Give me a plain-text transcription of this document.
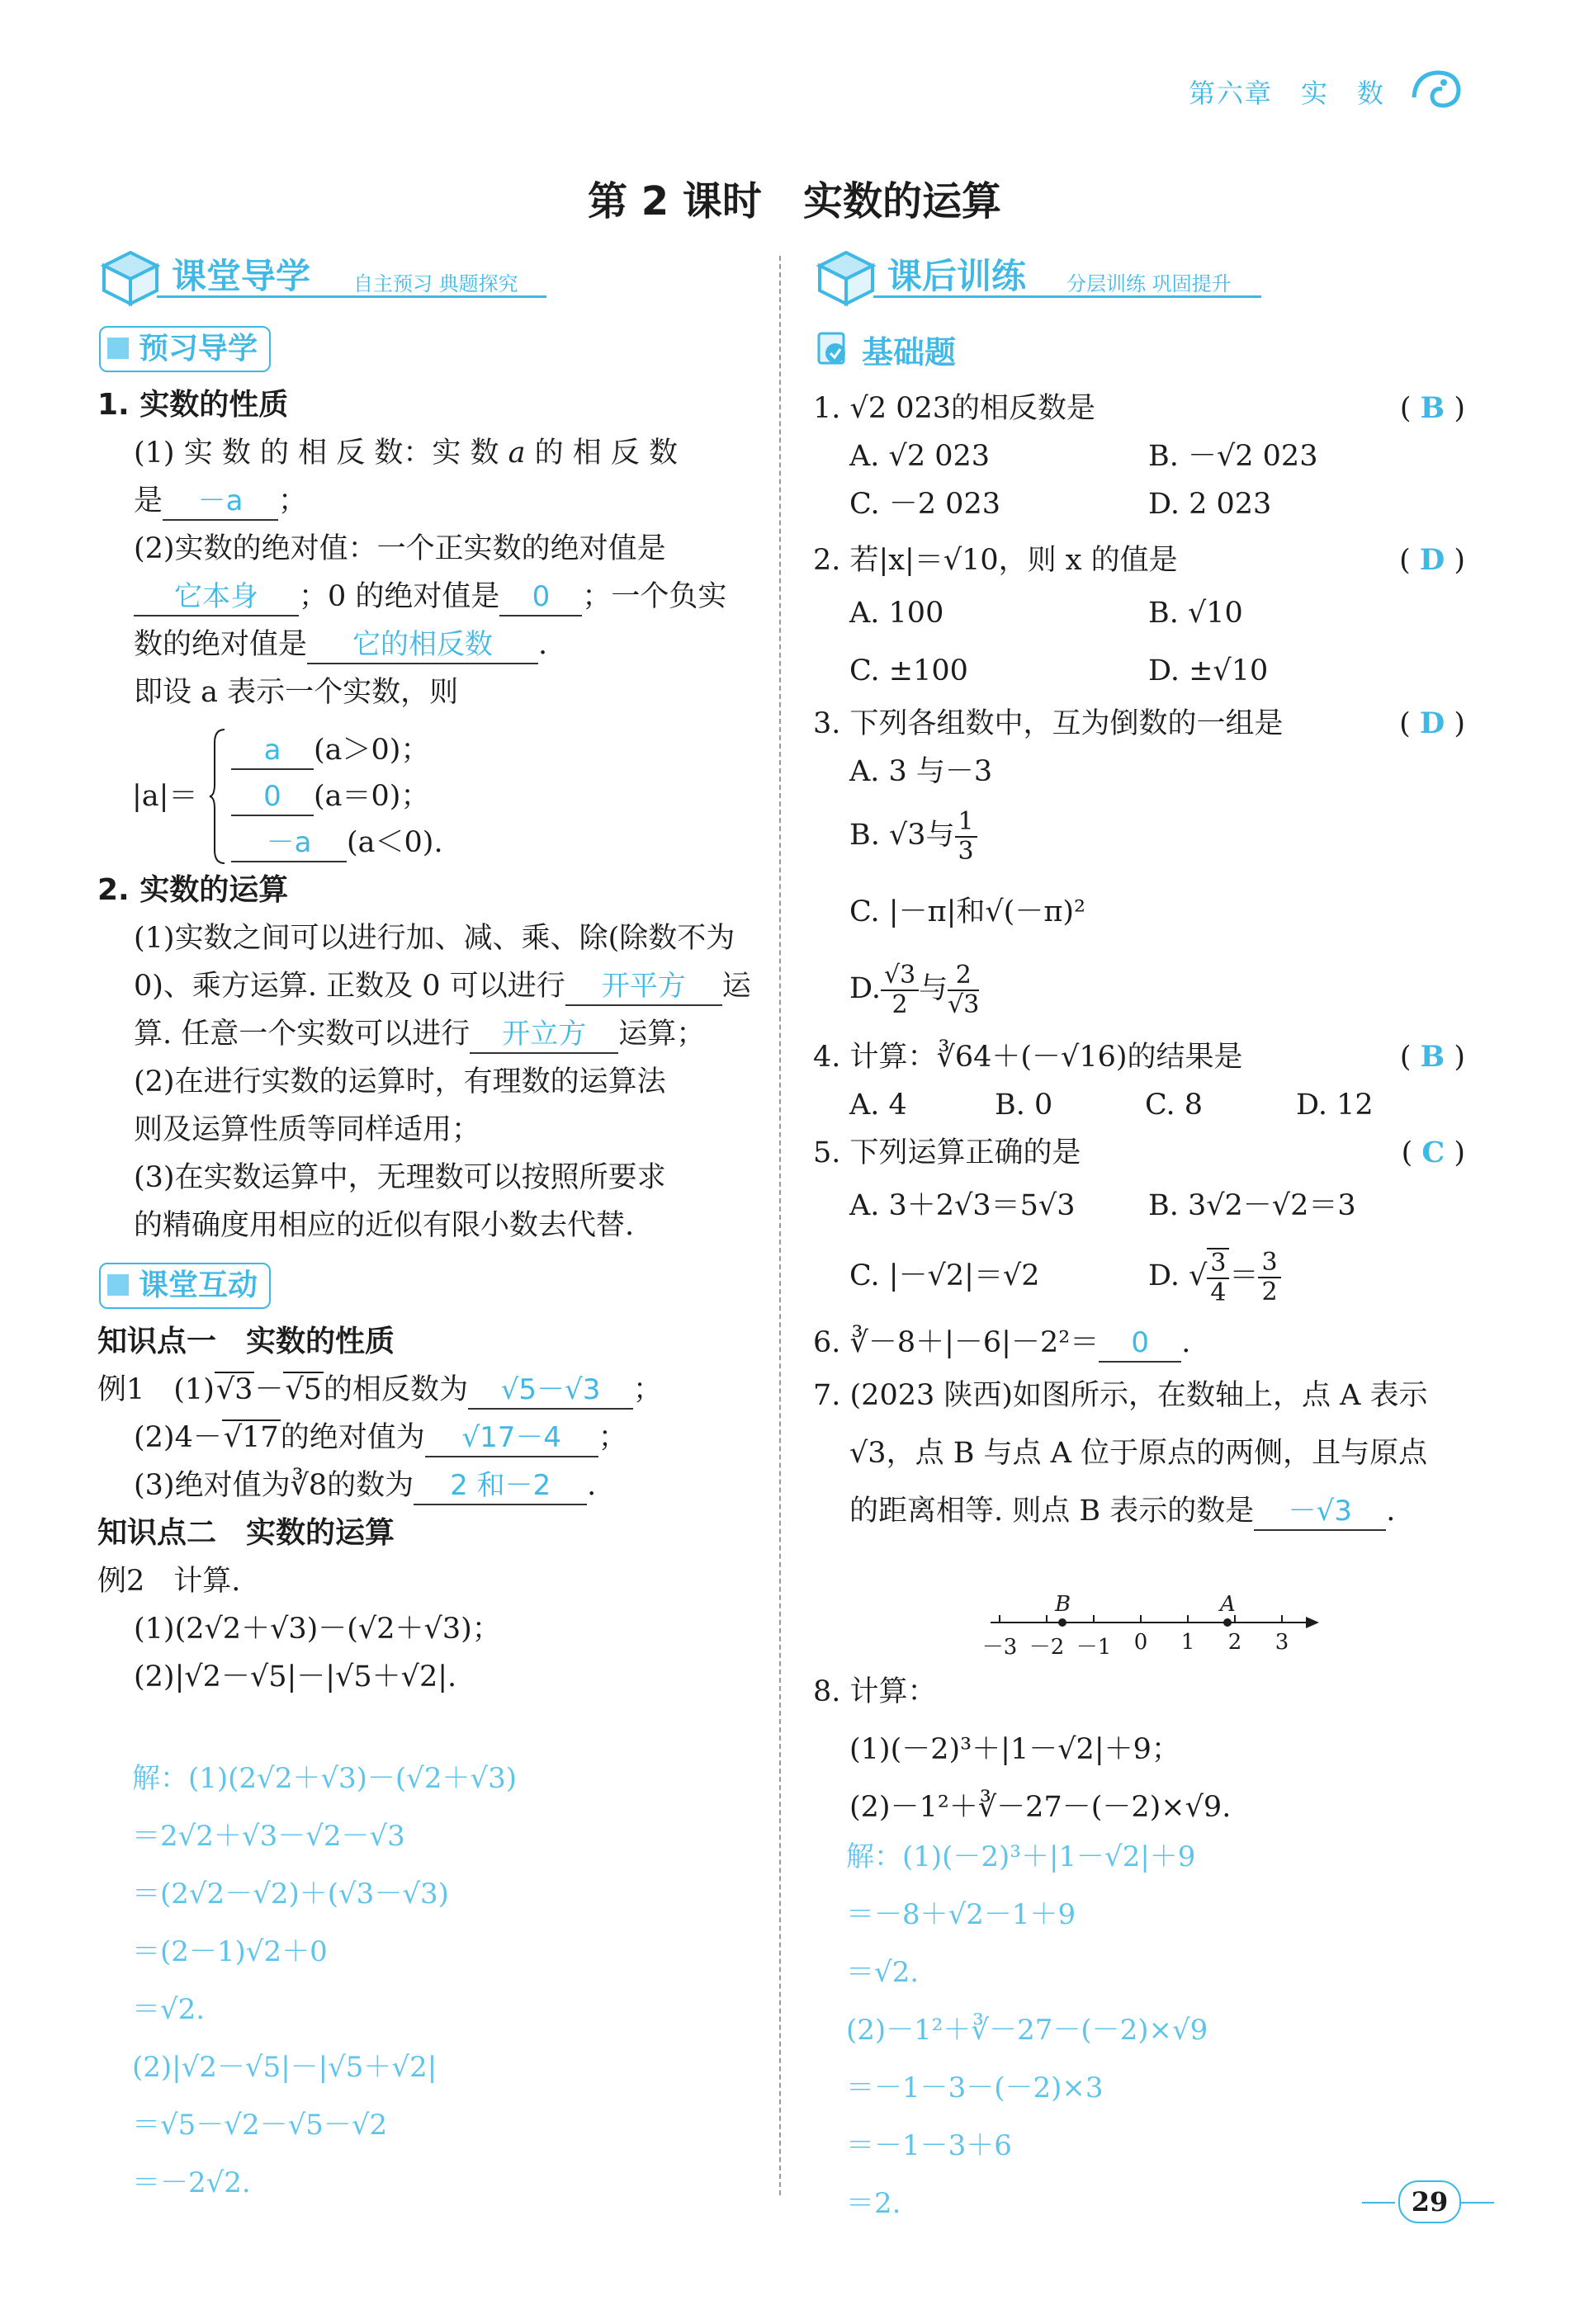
第六章　实　数
第 2 课时 实数的运算
课堂导学 自主预习 典题探究
预习导学
1. 实数的性质
(1) 实 数 的 相 反 数：实 数 a 的 相 反 数
是 －a ；
(2)实数的绝对值：一个正实数的绝对值是
它本身 ；0 的绝对值是 0 ；一个负实
数的绝对值是 它的相反数 .
即设 a 表示一个实数，则
|a|＝
a (a＞0)；
0 (a＝0)；
－a (a＜0).
2. 实数的运算
(1)实数之间可以进行加、减、乘、除(除数不为
0)、乘方运算. 正数及 0 可以进行 开平方 运
算. 任意一个实数可以进行 开立方 运算；
(2)在进行实数的运算时，有理数的运算法
则及运算性质等同样适用；
(3)在实数运算中，无理数可以按照所要求
的精确度用相应的近似有限小数去代替.
课堂互动
知识点一　实数的性质
例1　(1)√3－√5的相反数为 √5－√3 ；
(2)4－√17的绝对值为 √17－4 ；
(3)绝对值为∛8的数为 2 和－2 .
知识点二　实数的运算
例2　计算.
(1)(2√2＋√3)－(√2＋√3)；
(2)|√2－√5|－|√5＋√2|.
解：(1)(2√2＋√3)－(√2＋√3)
＝2√2＋√3－√2－√3
＝(2√2－√2)＋(√3－√3)
＝(2－1)√2＋0
＝√2.
(2)|√2－√5|－|√5＋√2|
＝√5－√2－√5－√2
＝－2√2.
课后训练 分层训练 巩固提升
基础题
1. √2 023的相反数是	( B )
A. √2 023	B. －√2 023
C. －2 023	D. 2 023
2. 若|x|＝√10，则 x 的值是	( D )
A. 100	B. √10
C. ±100	D. ±√10
3. 下列各组数中，互为倒数的一组是	( D )
A. 3 与－3
B. √3与 $\frac{1}{3}$
C. |－π|和√(－π)²
D. $\frac{√3}{2}$ 与 $\frac{2}{√3}$
4. 计算：∛64＋(－√16)的结果是	( B )
A. 4	B. 0	C. 8	D. 12
5. 下列运算正确的是	( C )
A. 3＋2√3＝5√3	B. 3√2－√2＝3
C. |－√2|＝√2	D. √ $\frac{3}{4} = \frac{3}{2}$
6. ∛－8＋|－6|－2²＝ 0 .
7. (2023 陕西)如图所示，在数轴上，点 A 表示
√3，点 B 与点 A 位于原点的两侧，且与原点
的距离相等. 则点 B 表示的数是 －√3 .
－3 －2 －1	0	1	2	3
B	A
8. 计算：
(1)(－2)³＋|1－√2|＋9；
(2)－1²＋∛－27－(－2)×√9.
解：(1)(－2)³＋|1－√2|＋9
＝－8＋√2－1＋9
＝√2.
(2)－1²＋∛－27－(－2)×√9
＝－1－3－(－2)×3
＝－1－3＋6
＝2.	29
